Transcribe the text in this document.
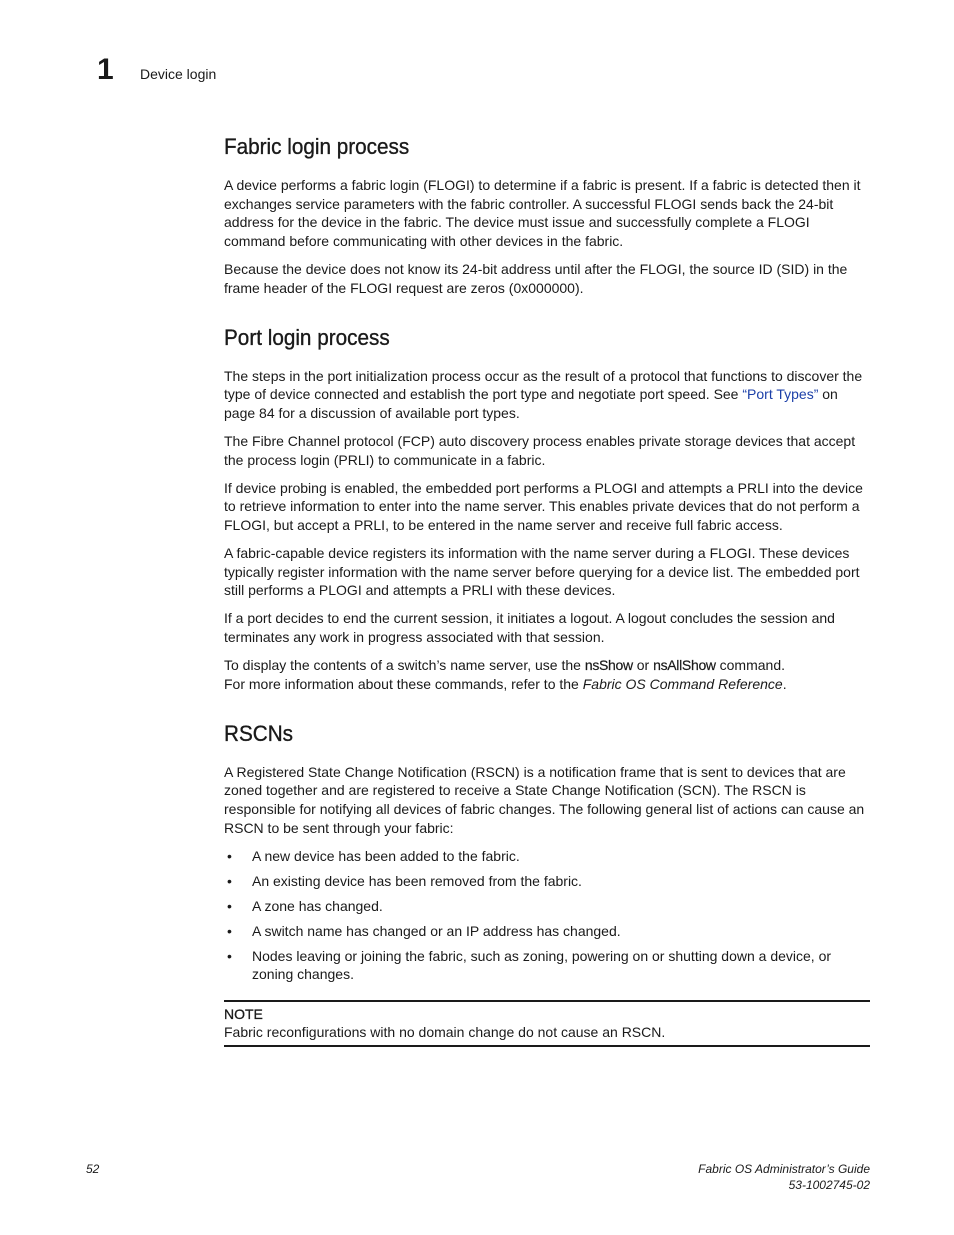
1 Device login
Fabric login process

A device performs a fabric login (FLOGI) to determine if a fabric is present. If a fabric is detected then it exchanges service parameters with the fabric controller. A successful FLOGI sends back the 24-bit address for the device in the fabric. The device must issue and successfully complete a FLOGI command before communicating with other devices in the fabric.

Because the device does not know its 24-bit address until after the FLOGI, the source ID (SID) in the frame header of the FLOGI request are zeros (0x000000).

Port login process

The steps in the port initialization process occur as the result of a protocol that functions to discover the type of device connected and establish the port type and negotiate port speed. See “Port Types” on page 84 for a discussion of available port types.

The Fibre Channel protocol (FCP) auto discovery process enables private storage devices that accept the process login (PRLI) to communicate in a fabric.

If device probing is enabled, the embedded port performs a PLOGI and attempts a PRLI into the device to retrieve information to enter into the name server. This enables private devices that do not perform a FLOGI, but accept a PRLI, to be entered in the name server and receive full fabric access.

A fabric-capable device registers its information with the name server during a FLOGI. These devices typically register information with the name server before querying for a device list. The embedded port still performs a PLOGI and attempts a PRLI with these devices.

If a port decides to end the current session, it initiates a logout. A logout concludes the session and terminates any work in progress associated with that session.

To display the contents of a switch’s name server, use the nsShow or nsAllShow command.
For more information about these commands, refer to the Fabric OS Command Reference.

RSCNs

A Registered State Change Notification (RSCN) is a notification frame that is sent to devices that are zoned together and are registered to receive a State Change Notification (SCN). The RSCN is responsible for notifying all devices of fabric changes. The following general list of actions can cause an RSCN to be sent through your fabric:

• A new device has been added to the fabric.
• An existing device has been removed from the fabric.
• A zone has changed.
• A switch name has changed or an IP address has changed.
• Nodes leaving or joining the fabric, such as zoning, powering on or shutting down a device, or zoning changes.
NOTE
Fabric reconfigurations with no domain change do not cause an RSCN.
52	Fabric OS Administrator’s Guide
53-1002745-02
